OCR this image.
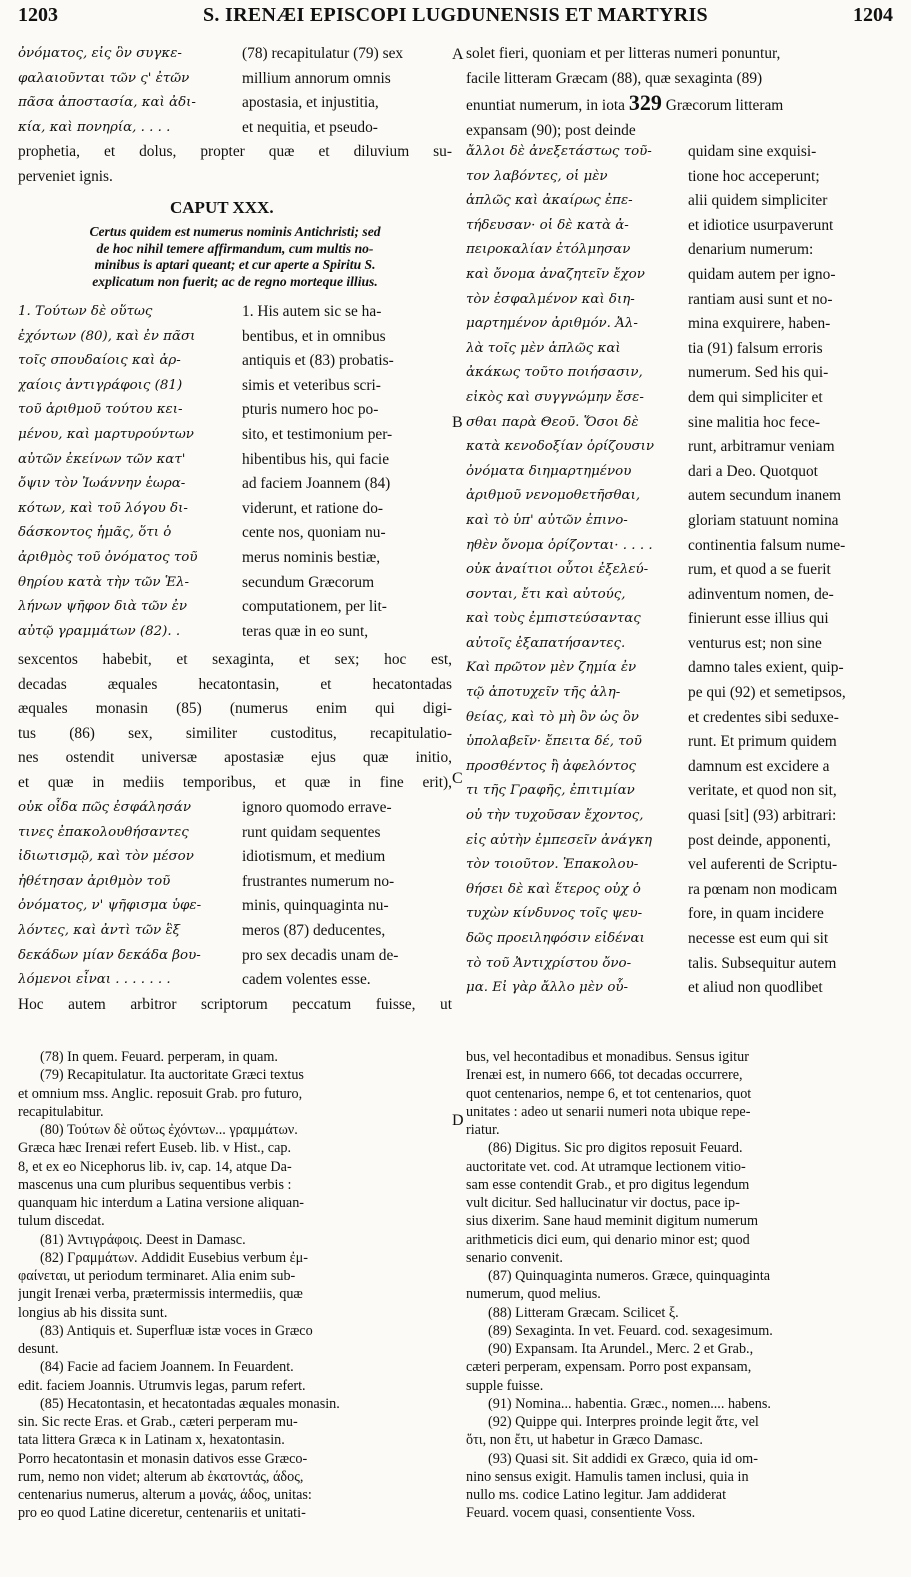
1203	S. IRENÆI EPISCOPI LUGDUNENSIS ET MARTYRIS	1204
ὀνόματος, εἰς ὃν συγκε-
φαλαιοῦνται τῶν ς' ἐτῶν
πᾶσα ἀποστασία, καὶ ἀδι-
κία, καὶ πονηρία, . . . .
(78) recapitulatur (79) sex
millium annorum omnis
apostasia, et injustitia,
et nequitia, et pseudo-
prophetia, et dolus, propter quæ et diluvium su-
perveniet ignis.
CAPUT XXX.
Certus quidem est numerus nominis Antichristi; sed
de hoc nihil temere affirmandum, cum multis no-
minibus is aptari queant; et cur aperte a Spiritu S.
explicatum non fuerit; ac de regno morteque illius.
1. Τούτων δὲ οὕτως
ἐχόντων (80), καὶ ἐν πᾶσι
τοῖς σπουδαίοις καὶ ἀρ-
χαίοις ἀντιγράφοις (81)
τοῦ ἀριθμοῦ τούτου κει-
μένου, καὶ μαρτυρούντων
αὐτῶν ἐκείνων τῶν κατ'
ὄψιν τὸν Ἰωάννην ἑωρα-
κότων, καὶ τοῦ λόγου δι-
δάσκοντος ἡμᾶς, ὅτι ὁ
ἀριθμὸς τοῦ ὀνόματος τοῦ
θηρίου κατὰ τὴν τῶν Ἑλ-
λήνων ψῆφον διὰ τῶν ἐν
αὐτῷ γραμμάτων (82). .
1. His autem sic se ha-
bentibus, et in omnibus
antiquis et (83) probatis-
simis et veteribus scri-
pturis numero hoc po-
sito, et testimonium per-
hibentibus his, qui facie
ad faciem Joannem (84)
viderunt, et ratione do-
cente nos, quoniam nu-
merus nominis bestiæ,
secundum Græcorum
computationem, per lit-
teras quæ in eo sunt,
sexcentos habebit, et sexaginta, et sex; hoc est,
decadas æquales hecatontasin, et hecatontadas
æquales monasin (85) (numerus enim qui digi-
tus (86) sex, similiter custoditus, recapitulatio-
nes ostendit universæ apostasiæ ejus quæ initio,
et quæ in mediis temporibus, et quæ in fine erit),
οὐκ οἶδα πῶς ἐσφάλησάν
τινες ἐπακολουθήσαντες
ἰδιωτισμῷ, καὶ τὸν μέσον
ἠθέτησαν ἀριθμὸν τοῦ
ὀνόματος, ν' ψῆφισμα ὑφε-
λόντες, καὶ ἀντὶ τῶν ἓξ
δεκάδων μίαν δεκάδα βου-
λόμενοι εἶναι . . . . . . .
ignoro quomodo errave-
runt quidam sequentes
idiotismum, et medium
frustrantes numerum no-
minis, quinquaginta nu-
meros (87) deducentes,
pro sex decadis unam de-
cadem volentes esse.
Hoc autem arbitror scriptorum peccatum fuisse, ut
solet fieri, quoniam et per litteras numeri ponuntur,
facile litteram Græcam (88), quæ sexaginta (89)
enuntiat numerum, in iota 329 Græcorum litteram
expansam (90); post deinde
ἄλλοι δὲ ἀνεξετάστως τοῦ-
τον λαβόντες, οἱ μὲν
ἁπλῶς καὶ ἀκαίρως ἐπε-
τήδευσαν· οἱ δὲ κατὰ ἀ-
πειροκαλίαν ἐτόλμησαν
καὶ ὄνομα ἀναζητεῖν ἔχον
τὸν ἐσφαλμένον καὶ διη-
μαρτημένον ἀριθμόν. Ἀλ-
λὰ τοῖς μὲν ἁπλῶς καὶ
ἀκάκως τοῦτο ποιήσασιν,
εἰκὸς καὶ συγγνώμην ἔσε-
σθαι παρὰ Θεοῦ. Ὅσοι δὲ
κατὰ κενοδοξίαν ὁρίζουσιν
ὀνόματα διημαρτημένου
ἀριθμοῦ νενομοθετῆσθαι,
καὶ τὸ ὑπ' αὐτῶν ἐπινο-
ηθὲν ὄνομα ὁρίζονται· . . . .
οὐκ ἀναίτιοι οὗτοι ἐξελεύ-
σονται, ἔτι καὶ αὐτούς,
καὶ τοὺς ἐμπιστεύσαντας
αὐτοῖς ἐξαπατήσαντες.
Καὶ πρῶτον μὲν ζημία ἐν
τῷ ἀποτυχεῖν τῆς ἀλη-
θείας, καὶ τὸ μὴ ὂν ὡς ὂν
ὑπολαβεῖν· ἔπειτα δέ, τοῦ
προσθέντος ἢ ἀφελόντος
τι τῆς Γραφῆς, ἐπιτιμίαν
οὐ τὴν τυχοῦσαν ἔχοντος,
εἰς αὐτὴν ἐμπεσεῖν ἀνάγκη
τὸν τοιοῦτον. Ἐπακολου-
θήσει δὲ καὶ ἕτερος οὐχ ὁ
τυχὼν κίνδυνος τοῖς ψευ-
δῶς προειληφόσιν εἰδέναι
τὸ τοῦ Ἀντιχρίστου ὄνο-
μα. Εἰ γὰρ ἄλλο μὲν οὗ-
quidam sine exquisi-
tione hoc acceperunt;
alii quidem simpliciter
et idiotice usurpaverunt
denarium numerum:
quidam autem per igno-
rantiam ausi sunt et no-
mina exquirere, haben-
tia (91) falsum erroris
numerum. Sed his qui-
dem qui simpliciter et
sine malitia hoc fece-
runt, arbitramur veniam
dari a Deo. Quotquot
autem secundum inanem
gloriam statuunt nomina
continentia falsum nume-
rum, et quod a se fuerit
adinventum nomen, de-
finierunt esse illius qui
venturus est; non sine
damno tales exient, quip-
pe qui (92) et semetipsos,
et credentes sibi seduxe-
runt. Et primum quidem
damnum est excidere a
veritate, et quod non sit,
quasi [sit] (93) arbitrari:
post deinde, apponenti,
vel auferenti de Scriptu-
ra pœnam non modicam
fore, in quam incidere
necesse est eum qui sit
talis. Subsequitur autem
et aliud non quodlibet
A
B
C
D
(78) In quem. Feuard. perperam, in quam.
(79) Recapitulatur. Ita auctoritate Græci textus
et omnium mss. Anglic. reposuit Grab. pro futuro,
recapitulabitur.
(80) Τούτων δὲ οὕτως ἐχόντων... γραμμάτων.
Græca hæc Irenæi refert Euseb. lib. v Hist., cap.
8, et ex eo Nicephorus lib. iv, cap. 14, atque Da-
mascenus una cum pluribus sequentibus verbis :
quanquam hic interdum a Latina versione aliquan-
tulum discedat.
(81) Ἀντιγράφοις. Deest in Damasc.
(82) Γραμμάτων. Addidit Eusebius verbum ἐμ-
φαίνεται, ut periodum terminaret. Alia enim sub-
jungit Irenæi verba, prætermissis intermediis, quæ
longius ab his dissita sunt.
(83) Antiquis et. Superfluæ istæ voces in Græco
desunt.
(84) Facie ad faciem Joannem. In Feuardent.
edit. faciem Joannis. Utrumvis legas, parum refert.
(85) Hecatontasin, et hecatontadas æquales monasin.
sin. Sic recte Eras. et Grab., cæteri perperam mu-
tata littera Græca κ in Latinam x, hexatontasin.
Porro hecatontasin et monasin dativos esse Græco-
rum, nemo non videt; alterum ab ἑκατοντάς, άδος,
centenarius numerus, alterum a μονάς, άδος, unitas:
pro eo quod Latine diceretur, centenariis et unitati-
bus, vel hecontadibus et monadibus. Sensus igitur
Irenæi est, in numero 666, tot decadas occurrere,
quot centenarios, nempe 6, et tot centenarios, quot
unitates : adeo ut senarii numeri nota ubique repe-
riatur.
(86) Digitus. Sic pro digitos reposuit Feuard.
auctoritate vet. cod. At utramque lectionem vitio-
sam esse contendit Grab., et pro digitus legendum
vult dicitur. Sed hallucinatur vir doctus, pace ip-
sius dixerim. Sane haud meminit digitum numerum
arithmeticis dici eum, qui denario minor est; quod
senario convenit.
(87) Quinquaginta numeros. Græce, quinquaginta
numerum, quod melius.
(88) Litteram Græcam. Scilicet ξ.
(89) Sexaginta. In vet. Feuard. cod. sexagesimum.
(90) Expansam. Ita Arundel., Merc. 2 et Grab.,
cæteri perperam, expensam. Porro post expansam,
supple fuisse.
(91) Nomina... habentia. Græc., nomen.... habens.
(92) Quippe qui. Interpres proinde legit ἅτε, vel
ὅτι, non ἔτι, ut habetur in Græco Damasc.
(93) Quasi sit. Sit addidi ex Græco, quia id om-
nino sensus exigit. Hamulis tamen inclusi, quia in
nullo ms. codice Latino legitur. Jam addiderat
Feuard. vocem quasi, consentiente Voss.
